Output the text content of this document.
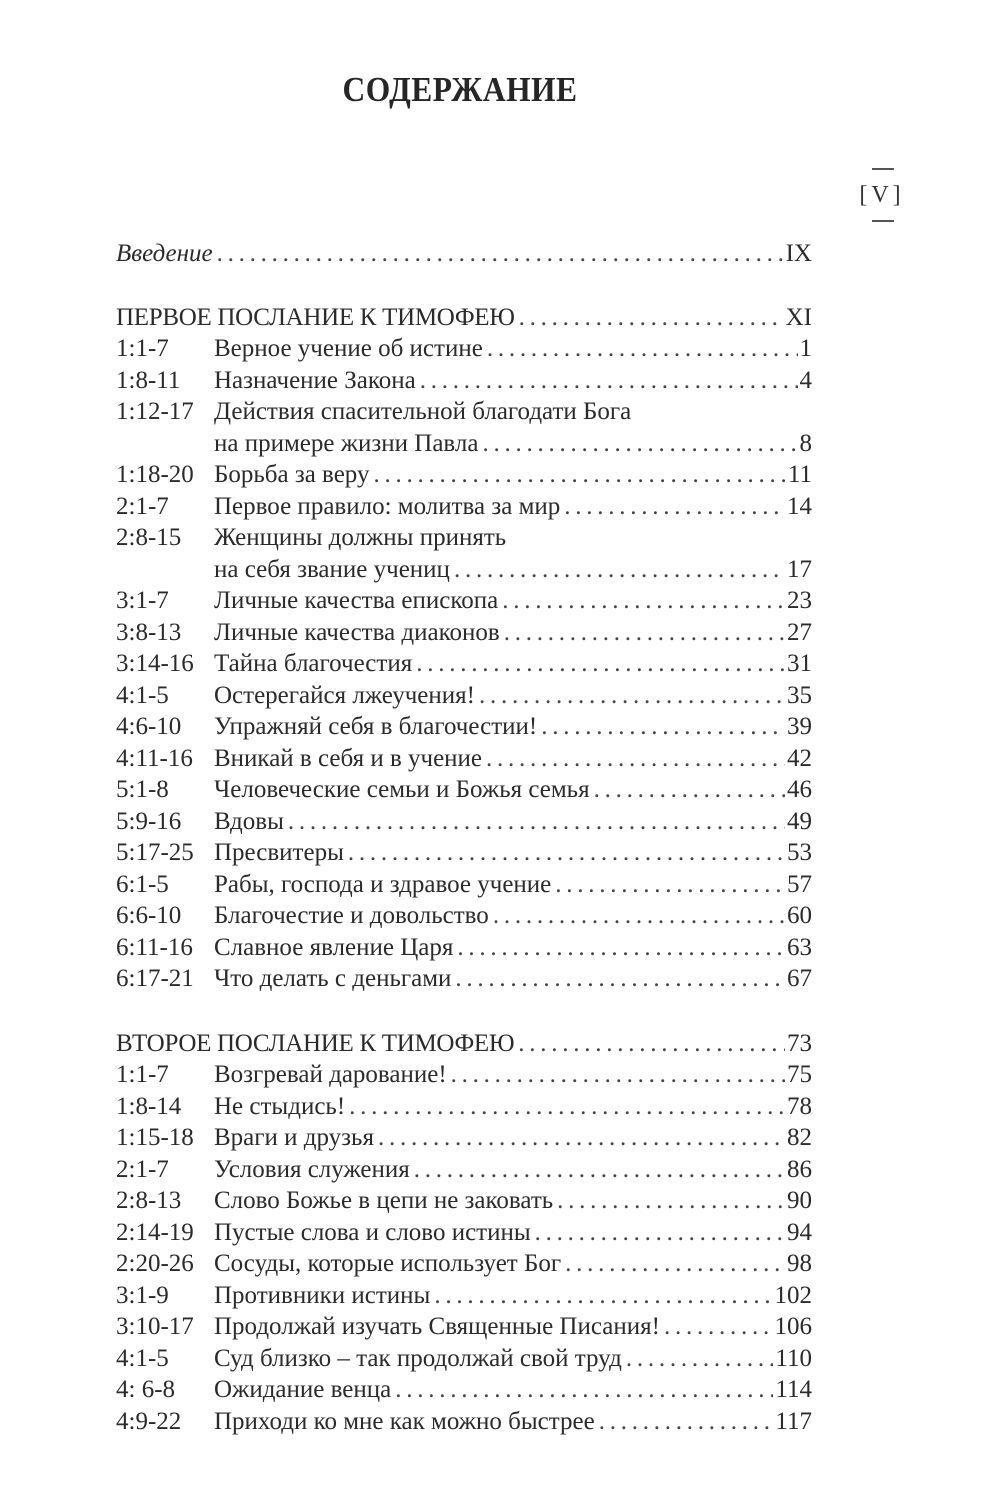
СОДЕРЖАНИЕ
[V]
Введение . . .	IX
ПЕРВОЕ ПОСЛАНИЕ К ТИМОФЕЮ . . .	XI
1:1-7	Верное учение об истине . . .	1
1:8-11	Назначение Закона . . .	4
1:12-17 Действия спасительной благодати Бога
на примере жизни Павла . . .	8
1:18-20 Борьба за веру . . .	11
2:1-7	Первое правило: молитва за мир . . .	14
2:8-15	Женщины должны принять
на себя звание учениц . . .	17
3:1-7	Личные качества епископа . . .	23
3:8-13	Личные качества диаконов . . .	27
3:14-16 Тайна благочестия . . .	31
4:1-5	Остерегайся лжеучения! . . .	35
4:6-10	Упражняй себя в благочестии! . . .	39
4:11-16 Вникай в себя и в учение . . .	42
5:1-8	Человеческие семьи и Божья семья . . .	46
5:9-16	Вдовы . . .	49
5:17-25 Пресвитеры . . .	53
6:1-5	Рабы, господа и здравое учение . . .	57
6:6-10	Благочестие и довольство . . .	60
6:11-16 Славное явление Царя . . .	63
6:17-21 Что делать с деньгами . . .	67
ВТОРОЕ ПОСЛАНИЕ К ТИМОФЕЮ . . .	73
1:1-7	Возгревай дарование! . . .	75
1:8-14	Не стыдись! . . .	78
1:15-18 Враги и друзья . . .	82
2:1-7	Условия служения . . .	86
2:8-13	Слово Божье в цепи не заковать . . .	90
2:14-19 Пустые слова и слово истины . . .	94
2:20-26 Сосуды, которые использует Бог . . .	98
3:1-9	Противники истины . . .	102
3:10-17 Продолжай изучать Священные Писания! . . .	106
4:1-5	Суд близко – так продолжай свой труд . . .	110
4: 6-8	Ожидание венца . . .	114
4:9-22	Приходи ко мне как можно быстрее . . .	117
